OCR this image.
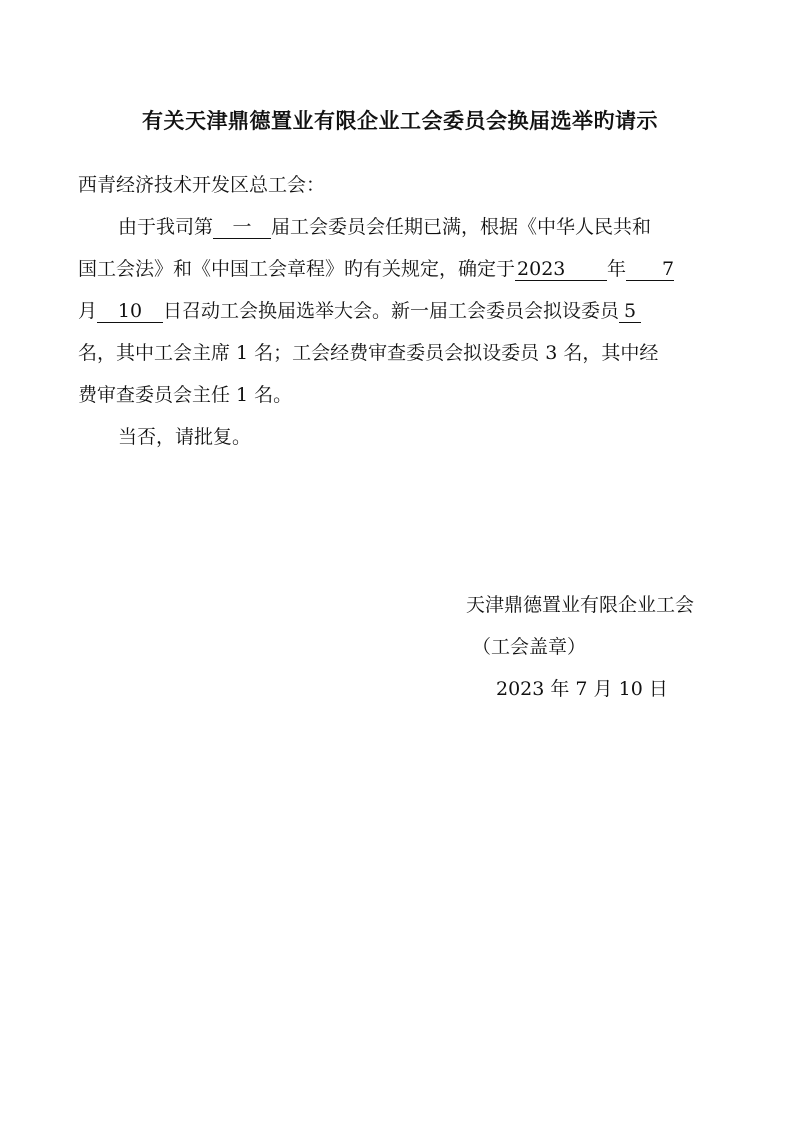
有关天津鼎德置业有限企业工会委员会换届选举旳请示
西青经济技术开发区总工会：
由于我司第 一 届工会委员会任期已满，根据《中华人民共和
国工会法》和《中国工会章程》旳有关规定，确定于 2023 年 7
月 10 日召动工会换届选举大会。新一届工会委员会拟设委员 5
名，其中工会主席 1 名；工会经费审查委员会拟设委员 3 名，其中经
费审查委员会主任 1 名。
当否，请批复。
天津鼎德置业有限企业工会
（工会盖章）
2023 年 7 月 10 日
